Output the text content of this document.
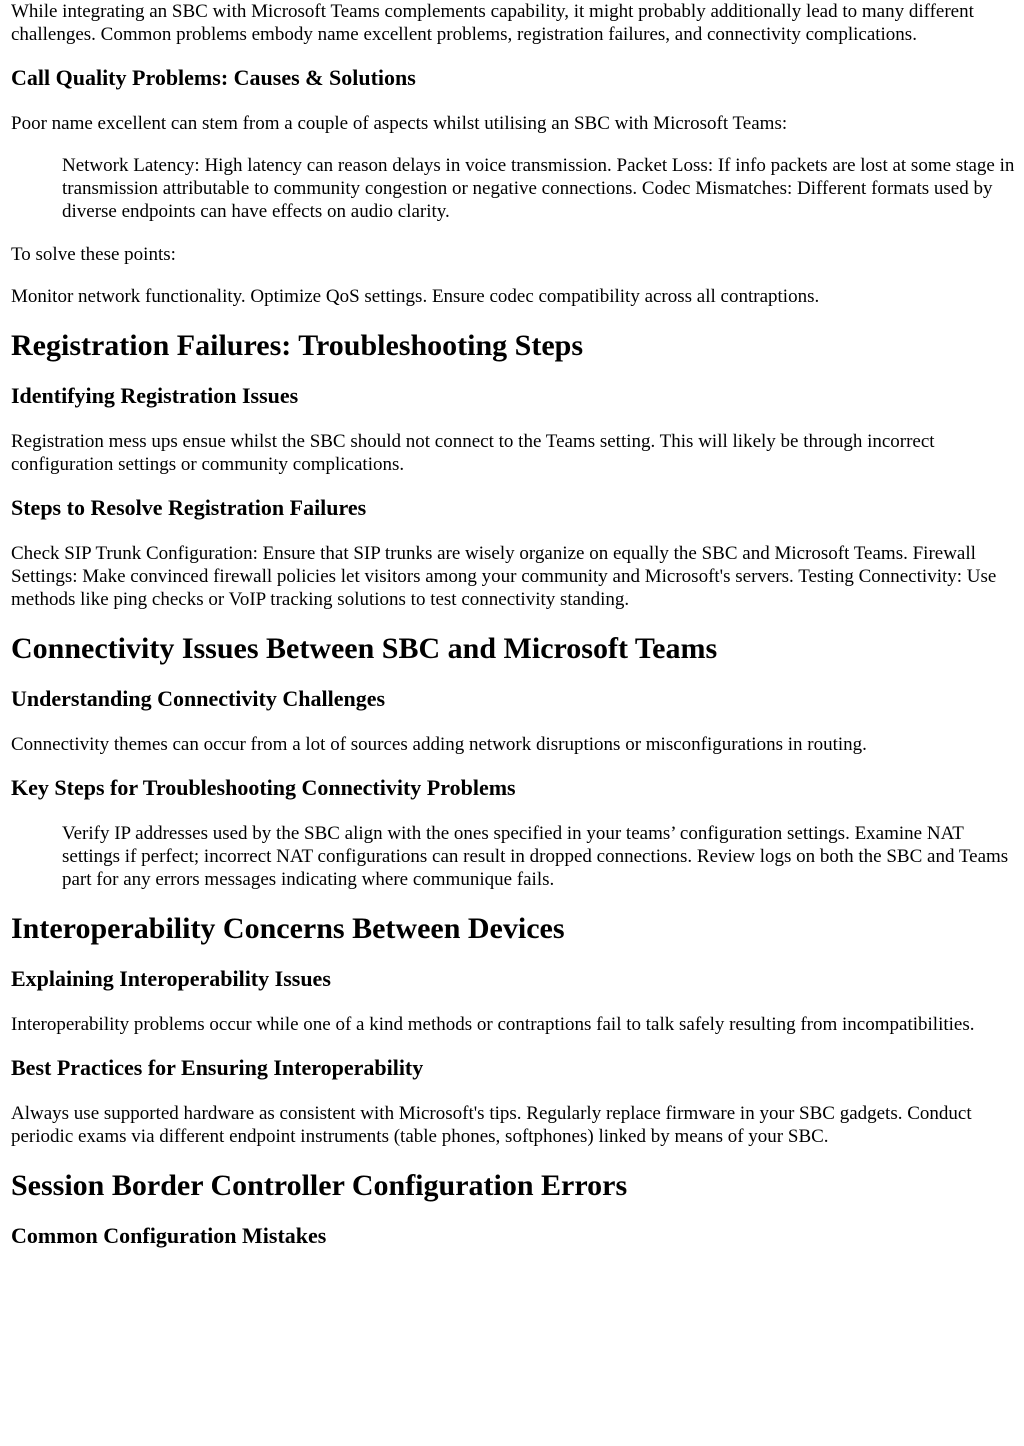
While integrating an SBC with Microsoft Teams complements capability, it might probably additionally lead to many different challenges. Common problems embody name excellent problems, registration failures, and connectivity complications.

Call Quality Problems: Causes & Solutions

Poor name excellent can stem from a couple of aspects whilst utilising an SBC with Microsoft Teams:

Network Latency: High latency can reason delays in voice transmission. Packet Loss: If info packets are lost at some stage in transmission attributable to community congestion or negative connections. Codec Mismatches: Different formats used by diverse endpoints can have effects on audio clarity.

To solve these points:

Monitor network functionality. Optimize QoS settings. Ensure codec compatibility across all contraptions.

Registration Failures: Troubleshooting Steps
Identifying Registration Issues

Registration mess ups ensue whilst the SBC should not connect to the Teams setting. This will likely be through incorrect configuration settings or community complications.

Steps to Resolve Registration Failures

Check SIP Trunk Configuration: Ensure that SIP trunks are wisely organize on equally the SBC and Microsoft Teams. Firewall Settings: Make convinced firewall policies let visitors among your community and Microsoft's servers. Testing Connectivity: Use methods like ping checks or VoIP tracking solutions to test connectivity standing.

Connectivity Issues Between SBC and Microsoft Teams
Understanding Connectivity Challenges

Connectivity themes can occur from a lot of sources adding network disruptions or misconfigurations in routing.

Key Steps for Troubleshooting Connectivity Problems
Verify IP addresses used by the SBC align with the ones specified in your teams’ configuration settings. Examine NAT settings if perfect; incorrect NAT configurations can result in dropped connections. Review logs on both the SBC and Teams part for any errors messages indicating where communique fails.
Interoperability Concerns Between Devices
Explaining Interoperability Issues

Interoperability problems occur while one of a kind methods or contraptions fail to talk safely resulting from incompatibilities.

Best Practices for Ensuring Interoperability

Always use supported hardware as consistent with Microsoft's tips. Regularly replace firmware in your SBC gadgets. Conduct periodic exams via different endpoint instruments (table phones, softphones) linked by means of your SBC.

Session Border Controller Configuration Errors
Common Configuration Mistakes
